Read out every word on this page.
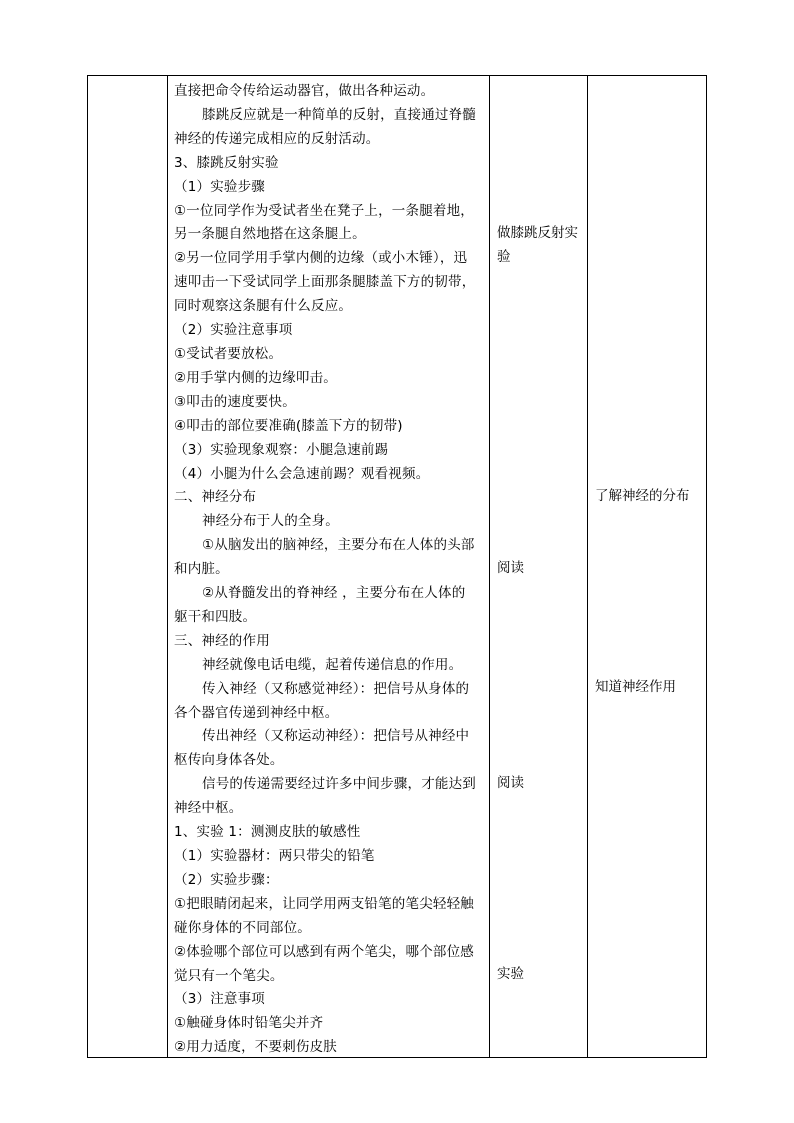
直接把命令传给运动器官，做出各种运动。
膝跳反应就是一种简单的反射，直接通过脊髓
神经的传递完成相应的反射活动。
3、膝跳反射实验
（1）实验步骤
①一位同学作为受试者坐在凳子上，一条腿着地，
另一条腿自然地搭在这条腿上。
②另一位同学用手掌内侧的边缘（或小木锤），迅
速叩击一下受试同学上面那条腿膝盖下方的韧带，
同时观察这条腿有什么反应。
（2）实验注意事项
①受试者要放松。
②用手掌内侧的边缘叩击。
③叩击的速度要快。
④叩击的部位要准确(膝盖下方的韧带)
（3）实验现象观察：小腿急速前踢
（4）小腿为什么会急速前踢？观看视频。
二、神经分布
神经分布于人的全身。
①从脑发出的脑神经，主要分布在人体的头部
和内脏。
②从脊髓发出的脊神经 ，主要分布在人体的
躯干和四肢。
三、神经的作用
神经就像电话电缆，起着传递信息的作用。
传入神经（又称感觉神经）：把信号从身体的
各个器官传递到神经中枢。
传出神经（又称运动神经）：把信号从神经中
枢传向身体各处。
信号的传递需要经过许多中间步骤，才能达到
神经中枢。
1、实验 1：测测皮肤的敏感性
（1）实验器材：两只带尖的铅笔
（2）实验步骤：
①把眼睛闭起来，让同学用两支铅笔的笔尖轻轻触
碰你身体的不同部位。
②体验哪个部位可以感到有两个笔尖，哪个部位感
觉只有一个笔尖。
（3）注意事项
①触碰身体时铅笔尖并齐
②用力适度，不要刺伤皮肤
做膝跳反射实
验
阅读
阅读
实验
了解神经的分布
知道神经作用
